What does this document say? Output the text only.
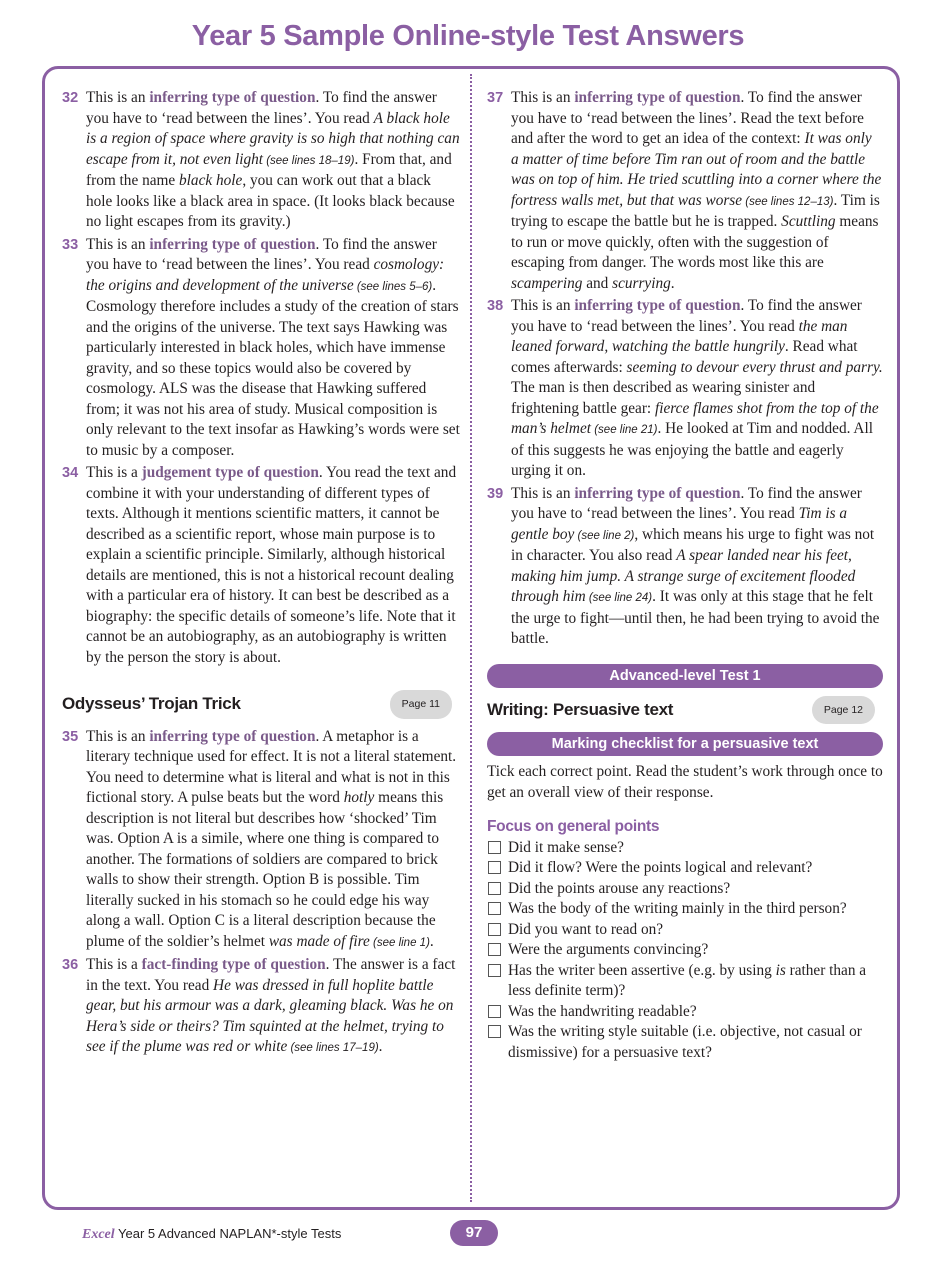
Year 5 Sample Online-style Test Answers
32 This is an inferring type of question. To find the answer you have to ‘read between the lines’. You read A black hole is a region of space where gravity is so high that nothing can escape from it, not even light (see lines 18–19). From that, and from the name black hole, you can work out that a black hole looks like a black area in space. (It looks black because no light escapes from its gravity.)
33 This is an inferring type of question. To find the answer you have to ‘read between the lines’. You read cosmology: the origins and development of the universe (see lines 5–6). Cosmology therefore includes a study of the creation of stars and the origins of the universe. The text says Hawking was particularly interested in black holes, which have immense gravity, and so these topics would also be covered by cosmology. ALS was the disease that Hawking suffered from; it was not his area of study. Musical composition is only relevant to the text insofar as Hawking’s words were set to music by a composer.
34 This is a judgement type of question. You read the text and combine it with your understanding of different types of texts. Although it mentions scientific matters, it cannot be described as a scientific report, whose main purpose is to explain a scientific principle. Similarly, although historical details are mentioned, this is not a historical recount dealing with a particular era of history. It can best be described as a biography: the specific details of someone’s life. Note that it cannot be an autobiography, as an autobiography is written by the person the story is about.
Odysseus’ Trojan Trick	Page 11
35 This is an inferring type of question. A metaphor is a literary technique used for effect. It is not a literal statement. You need to determine what is literal and what is not in this fictional story. A pulse beats but the word hotly means this description is not literal but describes how ‘shocked’ Tim was. Option A is a simile, where one thing is compared to another. The formations of soldiers are compared to brick walls to show their strength. Option B is possible. Tim literally sucked in his stomach so he could edge his way along a wall. Option C is a literal description because the plume of the soldier’s helmet was made of fire (see line 1).
36 This is a fact-finding type of question. The answer is a fact in the text. You read He was dressed in full hoplite battle gear, but his armour was a dark, gleaming black. Was he on Hera’s side or theirs? Tim squinted at the helmet, trying to see if the plume was red or white (see lines 17–19).
37 This is an inferring type of question. To find the answer you have to ‘read between the lines’. Read the text before and after the word to get an idea of the context: It was only a matter of time before Tim ran out of room and the battle was on top of him. He tried scuttling into a corner where the fortress walls met, but that was worse (see lines 12–13). Tim is trying to escape the battle but he is trapped. Scuttling means to run or move quickly, often with the suggestion of escaping from danger. The words most like this are scampering and scurrying.
38 This is an inferring type of question. To find the answer you have to ‘read between the lines’. You read the man leaned forward, watching the battle hungrily. Read what comes afterwards: seeming to devour every thrust and parry. The man is then described as wearing sinister and frightening battle gear: fierce flames shot from the top of the man’s helmet (see line 21). He looked at Tim and nodded. All of this suggests he was enjoying the battle and eagerly urging it on.
39 This is an inferring type of question. To find the answer you have to ‘read between the lines’. You read Tim is a gentle boy (see line 2), which means his urge to fight was not in character. You also read A spear landed near his feet, making him jump. A strange surge of excitement flooded through him (see line 24). It was only at this stage that he felt the urge to fight—until then, he had been trying to avoid the battle.
Advanced-level Test 1
Writing: Persuasive text	Page 12
Marking checklist for a persuasive text
Tick each correct point. Read the student’s work through once to get an overall view of their response.
Focus on general points
Did it make sense?
Did it flow? Were the points logical and relevant?
Did the points arouse any reactions?
Was the body of the writing mainly in the third person?
Did you want to read on?
Were the arguments convincing?
Has the writer been assertive (e.g. by using is rather than a less definite term)?
Was the handwriting readable?
Was the writing style suitable (i.e. objective, not casual or dismissive) for a persuasive text?
Excel Year 5 Advanced NAPLAN*-style Tests	97
